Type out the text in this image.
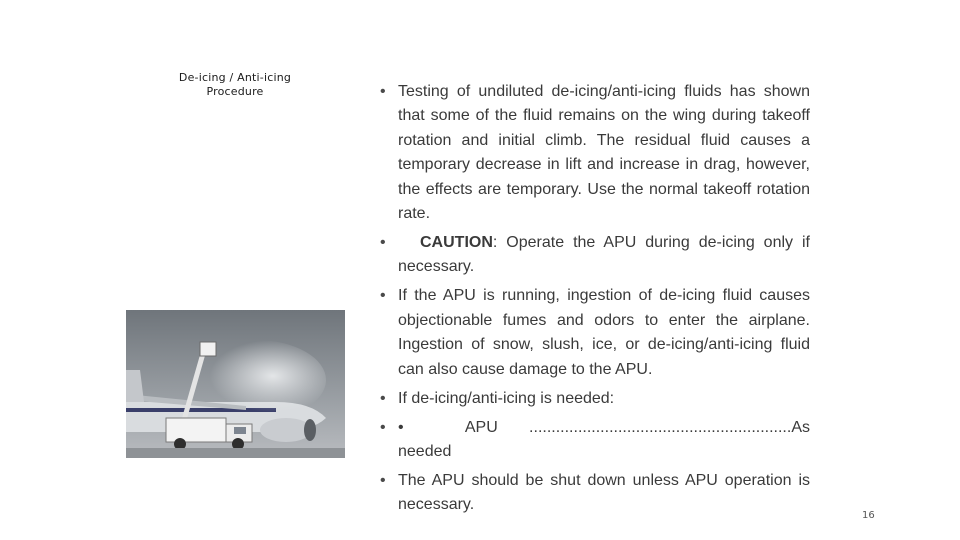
De-icing / Anti-icing Procedure
•	Testing of undiluted de-icing/anti-icing fluids has shown that some of the fluid remains on the wing during takeoff rotation and initial climb. The residual fluid causes a temporary decrease in lift and increase in drag, however, the effects are temporary. Use the normal takeoff rotation rate.
• CAUTION: Operate the APU during de-icing only if necessary.
• If the APU is running, ingestion of de-icing fluid causes objectionable fumes and odors to enter the airplane. Ingestion of snow, slush, ice, or de-icing/anti-icing fluid can also cause damage to the APU.
• If de-icing/anti-icing is needed:
• •	APU ...........................................................As
needed
• The APU should be shut down unless APU operation is necessary.
16
